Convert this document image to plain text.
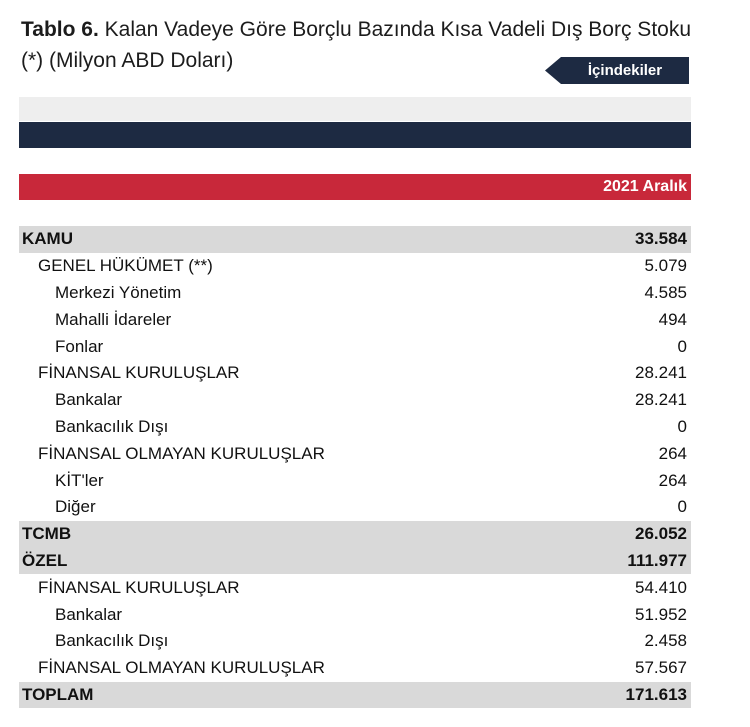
Tablo 6. Kalan Vadeye Göre Borçlu Bazında Kısa Vadeli Dış Borç Stoku (*) (Milyon ABD Doları)	İçindekiler
2021 Aralık
KAMU	33.584
GENEL HÜKÜMET (**)	5.079
Merkezi Yönetim	4.585
Mahalli İdareler	494
Fonlar	0
FİNANSAL KURULUŞLAR	28.241
Bankalar	28.241
Bankacılık Dışı	0
FİNANSAL OLMAYAN KURULUŞLAR	264
KİT'ler	264
Diğer	0
TCMB	26.052
ÖZEL	111.977
FİNANSAL KURULUŞLAR	54.410
Bankalar	51.952
Bankacılık Dışı	2.458
FİNANSAL OLMAYAN KURULUŞLAR	57.567
TOPLAM	171.613
